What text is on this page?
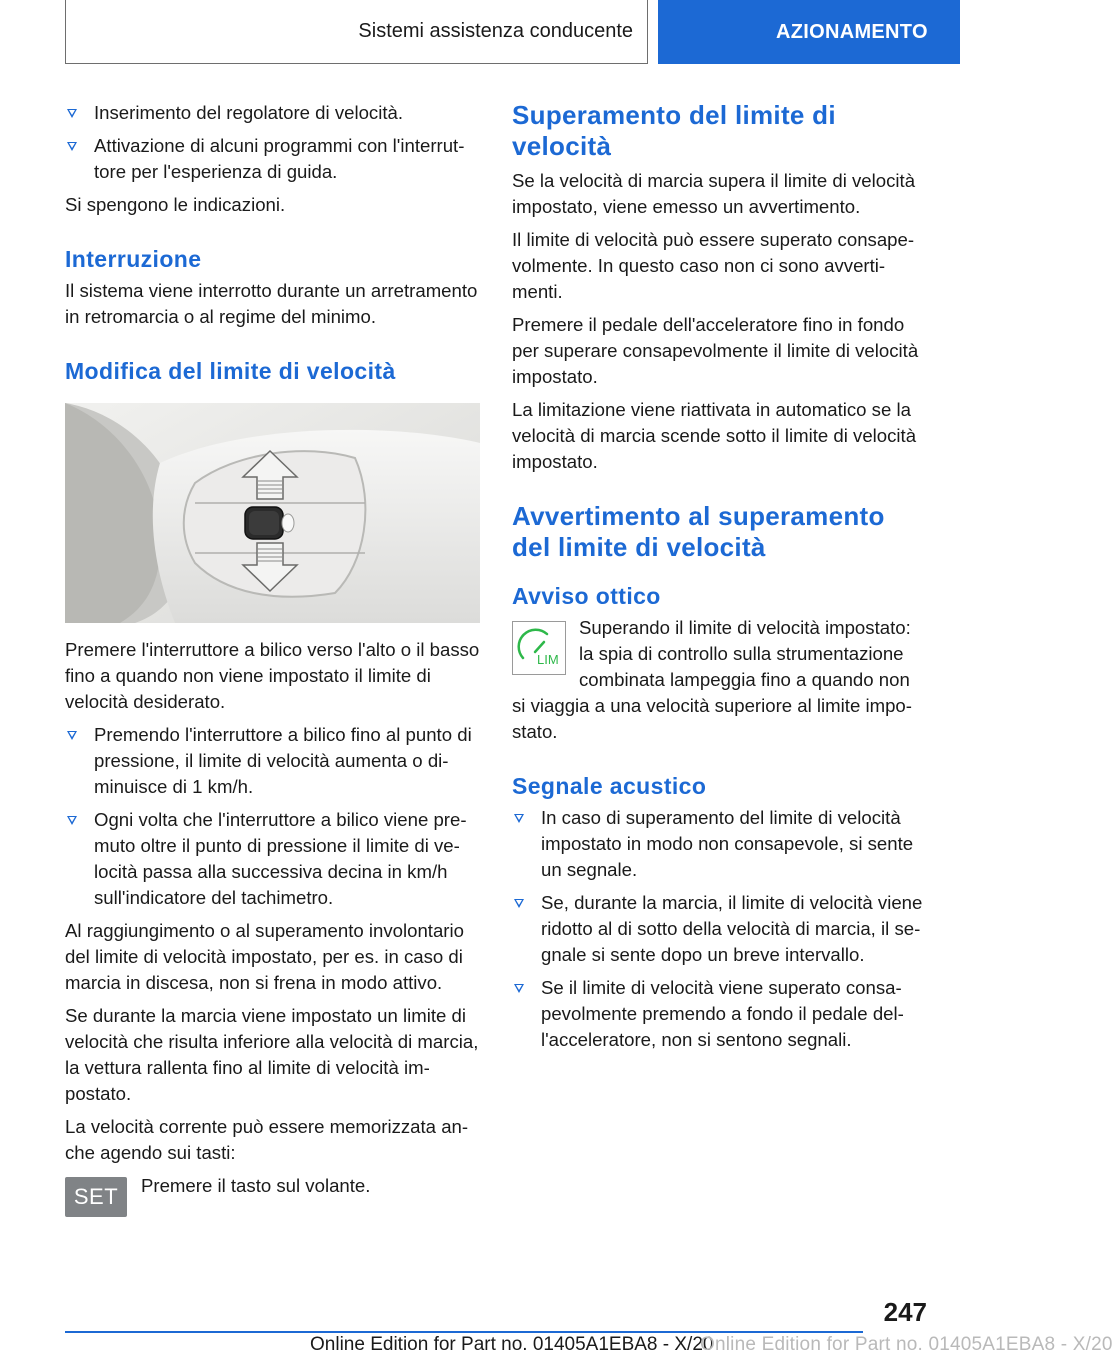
Sistemi assistenza conducente	AZIONAMENTO
Inserimento del regolatore di velocità.
Attivazione di alcuni programmi con l'interruttore per l'esperienza di guida.

Si spengono le indicazioni.

Interruzione

Il sistema viene interrotto durante un arretramento in retromarcia o al regime del minimo.

Modifica del limite di velocità

Premere l'interruttore a bilico verso l'alto o il basso fino a quando non viene impostato il limite di velocità desiderato.

Premendo l'interruttore a bilico fino al punto di pressione, il limite di velocità aumenta o diminuisce di 1 km/h.
Ogni volta che l'interruttore a bilico viene premuto oltre il punto di pressione il limite di velocità passa alla successiva decina in km/h sull'indicatore del tachimetro.

Al raggiungimento o al superamento involontario del limite di velocità impostato, per es. in caso di marcia in discesa, non si frena in modo attivo.

Se durante la marcia viene impostato un limite di velocità che risulta inferiore alla velocità di marcia, la vettura rallenta fino al limite di velocità impostato.

La velocità corrente può essere memorizzata anche agendo sui tasti:

SET Premere il tasto sul volante.

Superamento del limite di velocità

Se la velocità di marcia supera il limite di velocità impostato, viene emesso un avvertimento.

Il limite di velocità può essere superato consapevolmente. In questo caso non ci sono avvertimenti.

Premere il pedale dell'acceleratore fino in fondo per superare consapevolmente il limite di velocità impostato.

La limitazione viene riattivata in automatico se la velocità di marcia scende sotto il limite di velocità impostato.

Avvertimento al superamento del limite di velocità
Avviso ottico
LIM

Superando il limite di velocità impostato: la spia di controllo sulla strumentazione combinata lampeggia fino a quando non

si viaggia a una velocità superiore al limite impostato.

Segnale acustico
In caso di superamento del limite di velocità impostato in modo non consapevole, si sente un segnale.
Se, durante la marcia, il limite di velocità viene ridotto al di sotto della velocità di marcia, il segnale si sente dopo un breve intervallo.
Se il limite di velocità viene superato consapevolmente premendo a fondo il pedale dell'acceleratore, non si sentono segnali.
247
Online Edition for Part no. 01405A1EBA8 - X/20
Online Edition for Part no. 01405A1EBA8 - X/20
